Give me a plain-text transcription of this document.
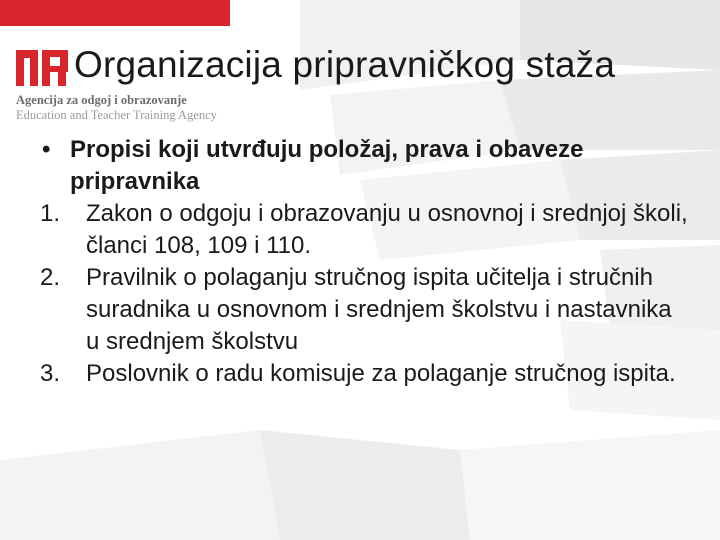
Organizacija pripravničkog staža
Agencija za odgoj i obrazovanje
Education and Teacher Training Agency
• Propisi koji utvrđuju položaj, prava i obaveze pripravnika
1. Zakon o odgoju i obrazovanju u osnovnoj i srednjoj školi, članci 108, 109 i 110.
2. Pravilnik o polaganju stručnog ispita učitelja i stručnih suradnika u osnovnom i srednjem školstvu i nastavnika u srednjem školstvu
3. Poslovnik o radu komisuje za polaganje stručnog ispita.
